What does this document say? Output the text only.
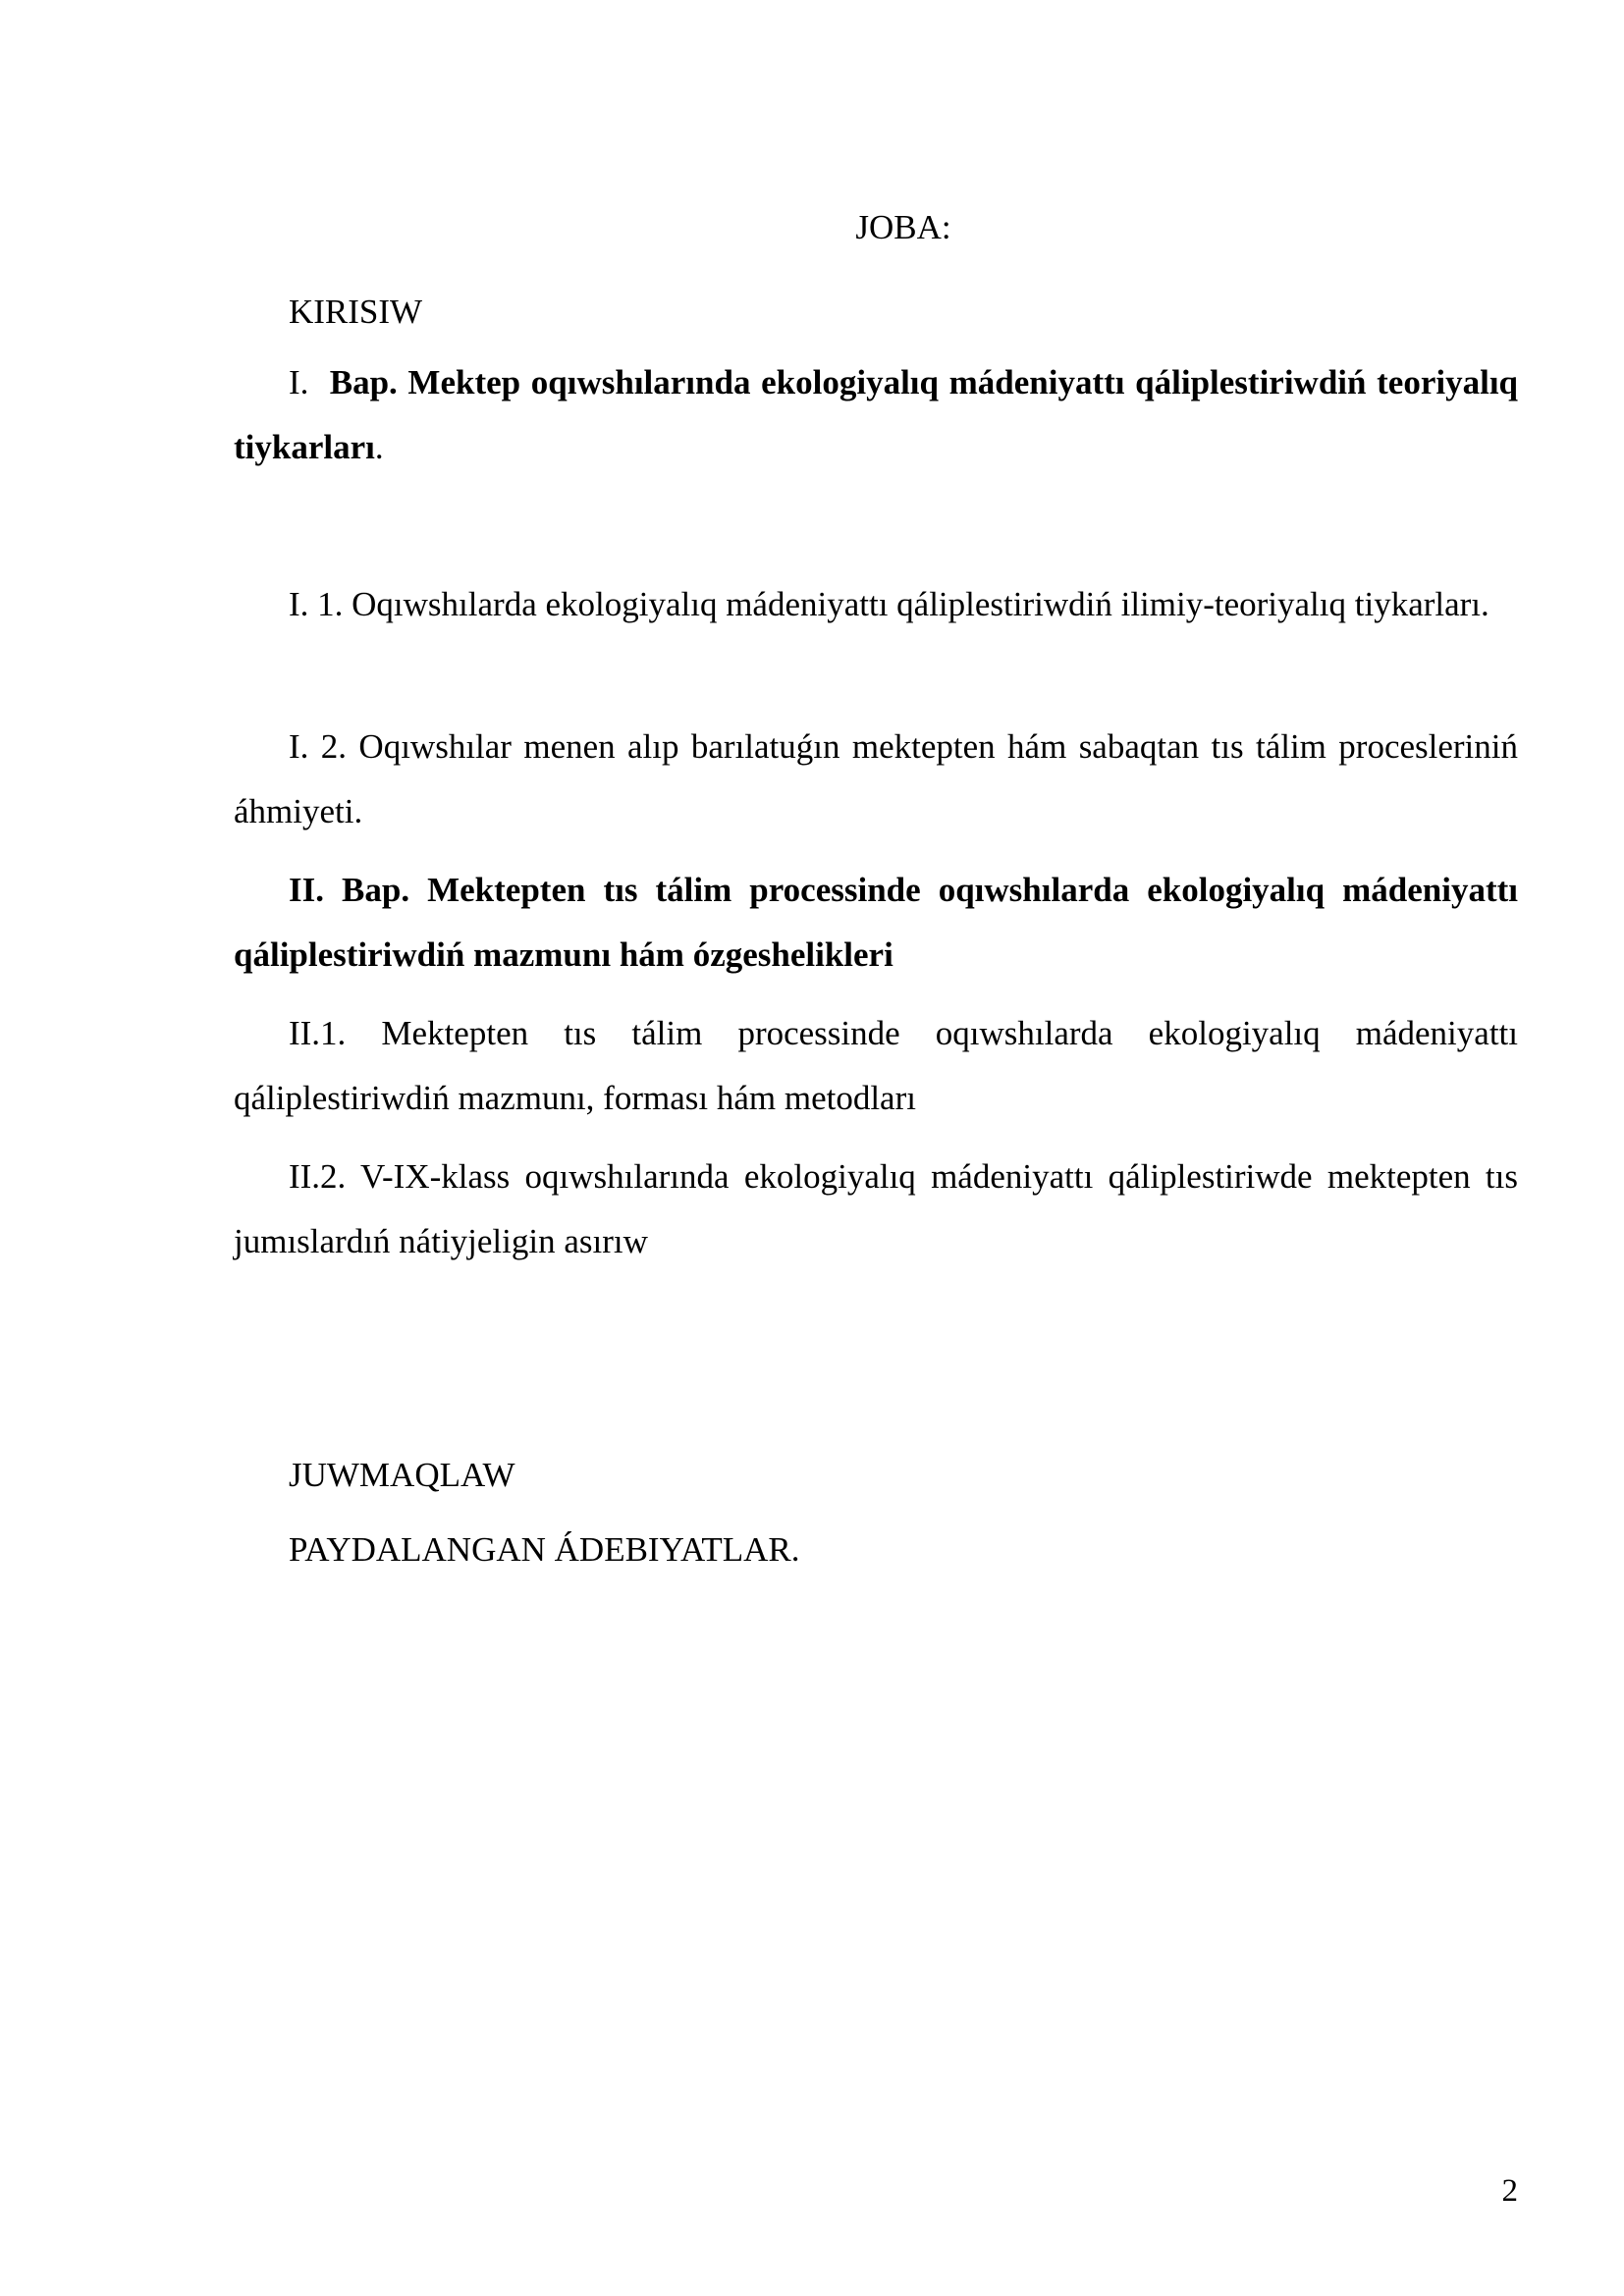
JOBA:

KIRISIW

I. Bap. Mektep oqıwshılarında ekologiyalıq mádeniyattı qáliplestiriwdiń teoriyalıq tiykarları.

I. 1. Oqıwshılarda ekologiyalıq mádeniyattı qáliplestiriwdiń ilimiy-teoriyalıq tiykarları.

I. 2. Oqıwshılar menen alıp barılatuǵın mektepten hám sabaqtan tıs tálim procesleriniń áhmiyeti.

II. Bap. Mektepten tıs tálim processinde oqıwshılarda ekologiyalıq mádeniyattı qáliplestiriwdiń mazmunı hám ózgeshelikleri

II.1. Mektepten tıs tálim processinde oqıwshılarda ekologiyalıq mádeniyattı qáliplestiriwdiń mazmunı, forması hám metodları

II.2. V-IX-klass oqıwshılarında ekologiyalıq mádeniyattı qáliplestiriwde mektepten tıs jumıslardıń nátiyjeligin asırıw

JUWMAQLAW

PAYDALANGAN ÁDEBIYATLAR.

2
